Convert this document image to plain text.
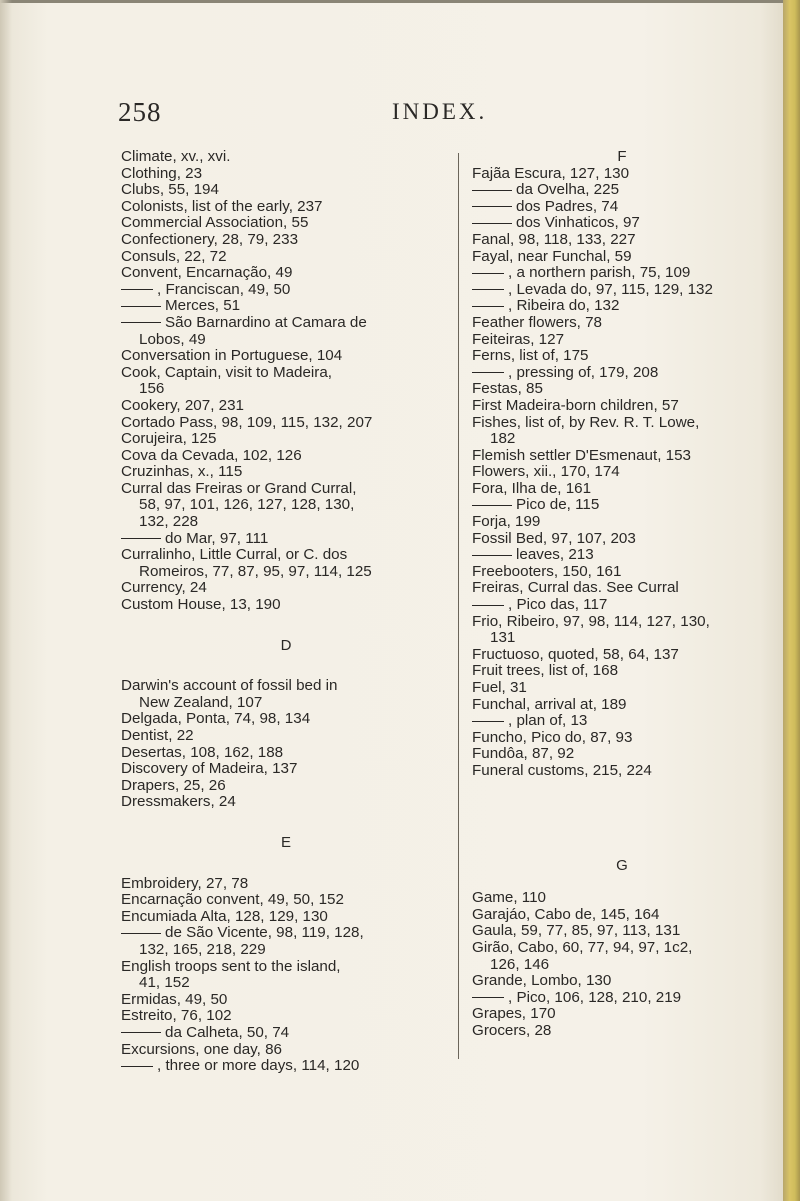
258	INDEX.
Climate, xv., xvi.
Clothing, 23
Clubs, 55, 194
Colonists, list of the early, 237
Commercial Association, 55
Confectionery, 28, 79, 233
Consuls, 22, 72
Convent, Encarnação, 49
, Franciscan, 49, 50
Merces, 51
São Barnardino at Camara de
Lobos, 49
Conversation in Portuguese, 104
Cook, Captain, visit to Madeira,
156
Cookery, 207, 231
Cortado Pass, 98, 109, 115, 132, 207
Corujeira, 125
Cova da Cevada, 102, 126
Cruzinhas, x., 115
Curral das Freiras or Grand Curral,
58, 97, 101, 126, 127, 128, 130,
132, 228
do Mar, 97, 111
Curralinho, Little Curral, or C. dos
Romeiros, 77, 87, 95, 97, 114, 125
Currency, 24
Custom House, 13, 190
D
Darwin's account of fossil bed in
New Zealand, 107
Delgada, Ponta, 74, 98, 134
Dentist, 22
Desertas, 108, 162, 188
Discovery of Madeira, 137
Drapers, 25, 26
Dressmakers, 24
E
Embroidery, 27, 78
Encarnação convent, 49, 50, 152
Encumiada Alta, 128, 129, 130
de São Vicente, 98, 119, 128,
132, 165, 218, 229
English troops sent to the island,
41, 152
Ermidas, 49, 50
Estreito, 76, 102
da Calheta, 50, 74
Excursions, one day, 86
, three or more days, 114, 120
F
Fajãa Escura, 127, 130
da Ovelha, 225
dos Padres, 74
dos Vinhaticos, 97
Fanal, 98, 118, 133, 227
Fayal, near Funchal, 59
, a northern parish, 75, 109
, Levada do, 97, 115, 129, 132
, Ribeira do, 132
Feather flowers, 78
Feiteiras, 127
Ferns, list of, 175
, pressing of, 179, 208
Festas, 85
First Madeira-born children, 57
Fishes, list of, by Rev. R. T. Lowe,
182
Flemish settler D'Esmenaut, 153
Flowers, xii., 170, 174
Fora, Ilha de, 161
Pico de, 115
Forja, 199
Fossil Bed, 97, 107, 203
leaves, 213
Freebooters, 150, 161
Freiras, Curral das. See Curral
, Pico das, 117
Frio, Ribeiro, 97, 98, 114, 127, 130,
131
Fructuoso, quoted, 58, 64, 137
Fruit trees, list of, 168
Fuel, 31
Funchal, arrival at, 189
, plan of, 13
Funcho, Pico do, 87, 93
Fundôa, 87, 92
Funeral customs, 215, 224
G
Game, 110
Garajáo, Cabo de, 145, 164
Gaula, 59, 77, 85, 97, 113, 131
Girão, Cabo, 60, 77, 94, 97, 1c2,
126, 146
Grande, Lombo, 130
, Pico, 106, 128, 210, 219
Grapes, 170
Grocers, 28
